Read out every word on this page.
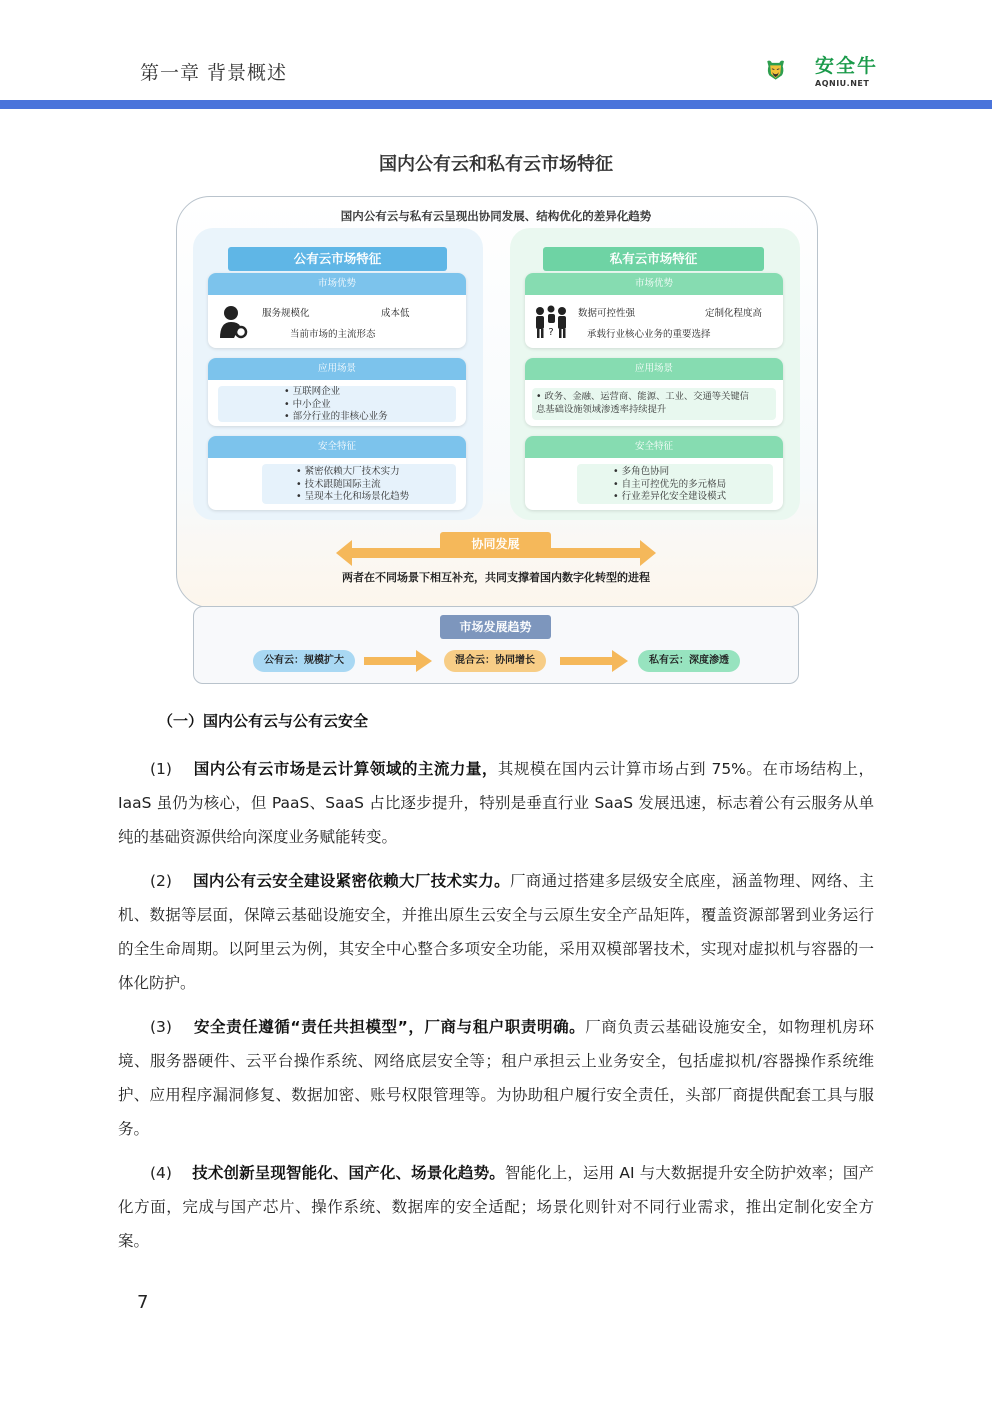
第一章 背景概述	安全牛
AQNIU.NET
国内公有云和私有云市场特征
国内公有云与私有云呈现出协同发展、结构优化的差异化趋势
公有云市场特征
市场优势
服务规模化	成本低
当前市场的主流形态
应用场景
• 互联网企业
• 中小企业
• 部分行业的非核心业务
安全特征
• 紧密依赖大厂技术实力
• 技术跟随国际主流
• 呈现本土化和场景化趋势
私有云市场特征
市场优势
?
数据可控性强	定制化程度高
承载行业核心业务的重要选择
应用场景
• 政务、金融、运营商、能源、工业、交通等关键信
息基础设施领域渗透率持续提升
安全特征
• 多角色协同
• 自主可控优先的多元格局
• 行业差异化安全建设模式
协同发展
两者在不同场景下相互补充，共同支撑着国内数字化转型的进程
市场发展趋势
公有云：规模扩大	混合云：协同增长	私有云：深度渗透
（一）国内公有云与公有云安全
(1) 国内公有云市场是云计算领域的主流力量，其规模在国内云计算市场占到 75%。在市场结构上，IaaS 虽仍为核心，但 PaaS、SaaS 占比逐步提升，特别是垂直行业 SaaS 发展迅速，标志着公有云服务从单纯的基础资源供给向深度业务赋能转变。
(2) 国内公有云安全建设紧密依赖大厂技术实力。厂商通过搭建多层级安全底座，涵盖物理、网络、主机、数据等层面，保障云基础设施安全，并推出原生云安全与云原生安全产品矩阵，覆盖资源部署到业务运行的全生命周期。以阿里云为例，其安全中心整合多项安全功能，采用双模部署技术，实现对虚拟机与容器的一体化防护。
(3) 安全责任遵循“责任共担模型”，厂商与租户职责明确。厂商负责云基础设施安全，如物理机房环境、服务器硬件、云平台操作系统、网络底层安全等；租户承担云上业务安全，包括虚拟机/容器操作系统维护、应用程序漏洞修复、数据加密、账号权限管理等。为协助租户履行安全责任，头部厂商提供配套工具与服务。
(4) 技术创新呈现智能化、国产化、场景化趋势。智能化上，运用 AI 与大数据提升安全防护效率；国产化方面，完成与国产芯片、操作系统、数据库的安全适配；场景化则针对不同行业需求，推出定制化安全方案。
7
